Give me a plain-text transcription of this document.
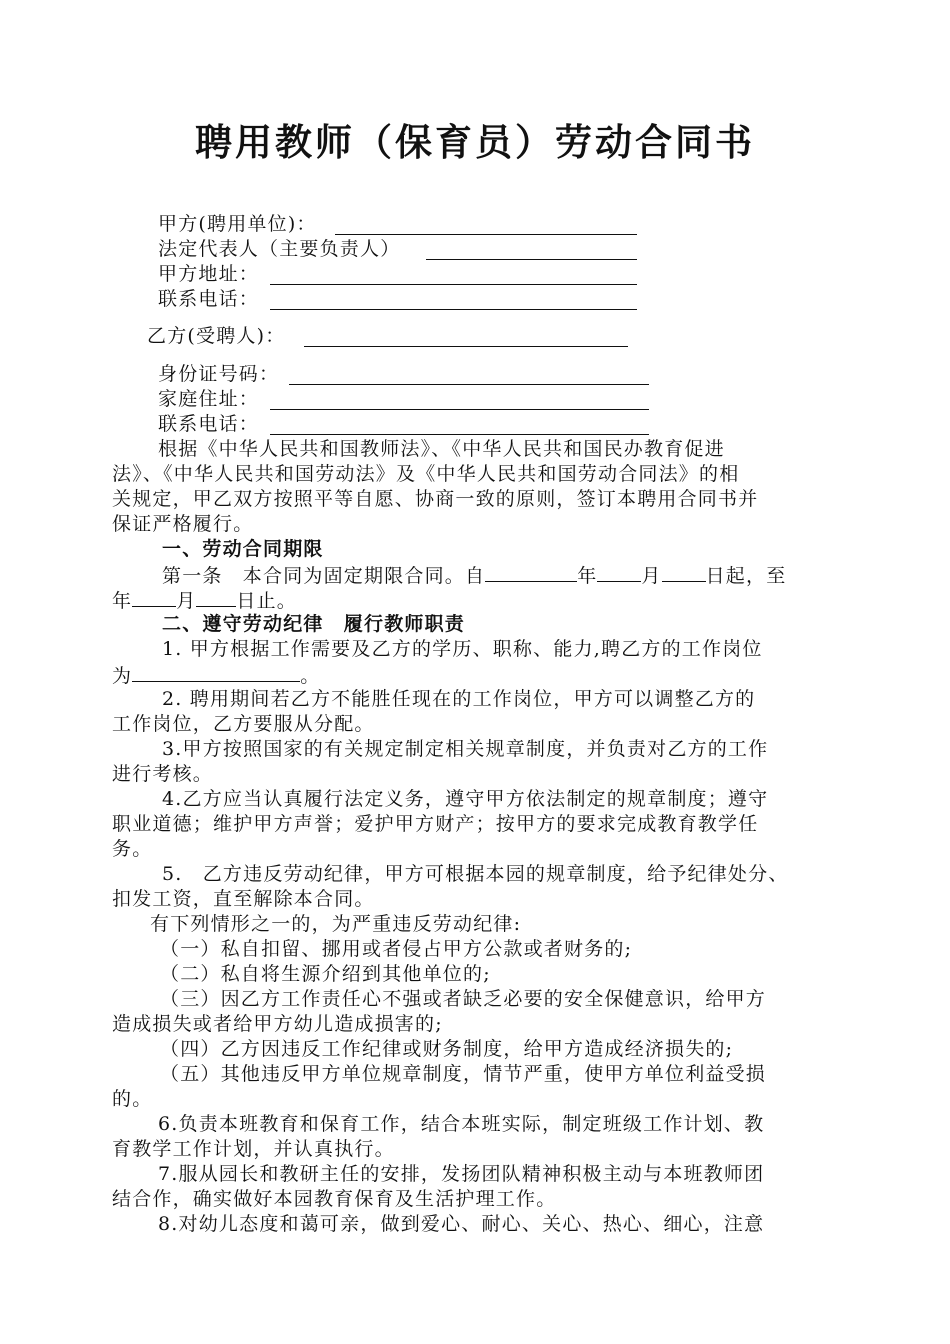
聘用教师（保育员）劳动合同书
甲方(聘用单位)：
法定代表人（主要负责人）
甲方地址：
联系电话：
乙方(受聘人)：
身份证号码：
家庭住址：
联系电话：
根据《中华人民共和国教师法》、《中华人民共和国民办教育促进
法》、《中华人民共和国劳动法》及《中华人民共和国劳动合同法》的相
关规定，甲乙双方按照平等自愿、协商一致的原则，签订本聘用合同书并
保证严格履行。
一、劳动合同期限
第一条　本合同为固定期限合同。自	年 月 日起，至
年 月 日止。
二、遵守劳动纪律　履行教师职责
1. 甲方根据工作需要及乙方的学历、职称、能力,聘乙方的工作岗位
为	。
2. 聘用期间若乙方不能胜任现在的工作岗位，甲方可以调整乙方的
工作岗位，乙方要服从分配。
3.甲方按照国家的有关规定制定相关规章制度，并负责对乙方的工作
进行考核。
4.乙方应当认真履行法定义务，遵守甲方依法制定的规章制度；遵守
职业道德；维护甲方声誉；爱护甲方财产；按甲方的要求完成教育教学任
务。
5.　乙方违反劳动纪律，甲方可根据本园的规章制度，给予纪律处分、
扣发工资，直至解除本合同。
有下列情形之一的，为严重违反劳动纪律:
（一）私自扣留、挪用或者侵占甲方公款或者财务的;
（二）私自将生源介绍到其他单位的;
（三）因乙方工作责任心不强或者缺乏必要的安全保健意识，给甲方
造成损失或者给甲方幼儿造成损害的;
（四）乙方因违反工作纪律或财务制度，给甲方造成经济损失的;
（五）其他违反甲方单位规章制度，情节严重，使甲方单位利益受损
的。
6.负责本班教育和保育工作，结合本班实际，制定班级工作计划、教
育教学工作计划，并认真执行。
7.服从园长和教研主任的安排，发扬团队精神积极主动与本班教师团
结合作，确实做好本园教育保育及生活护理工作。
8.对幼儿态度和蔼可亲，做到爱心、耐心、关心、热心、细心，注意
